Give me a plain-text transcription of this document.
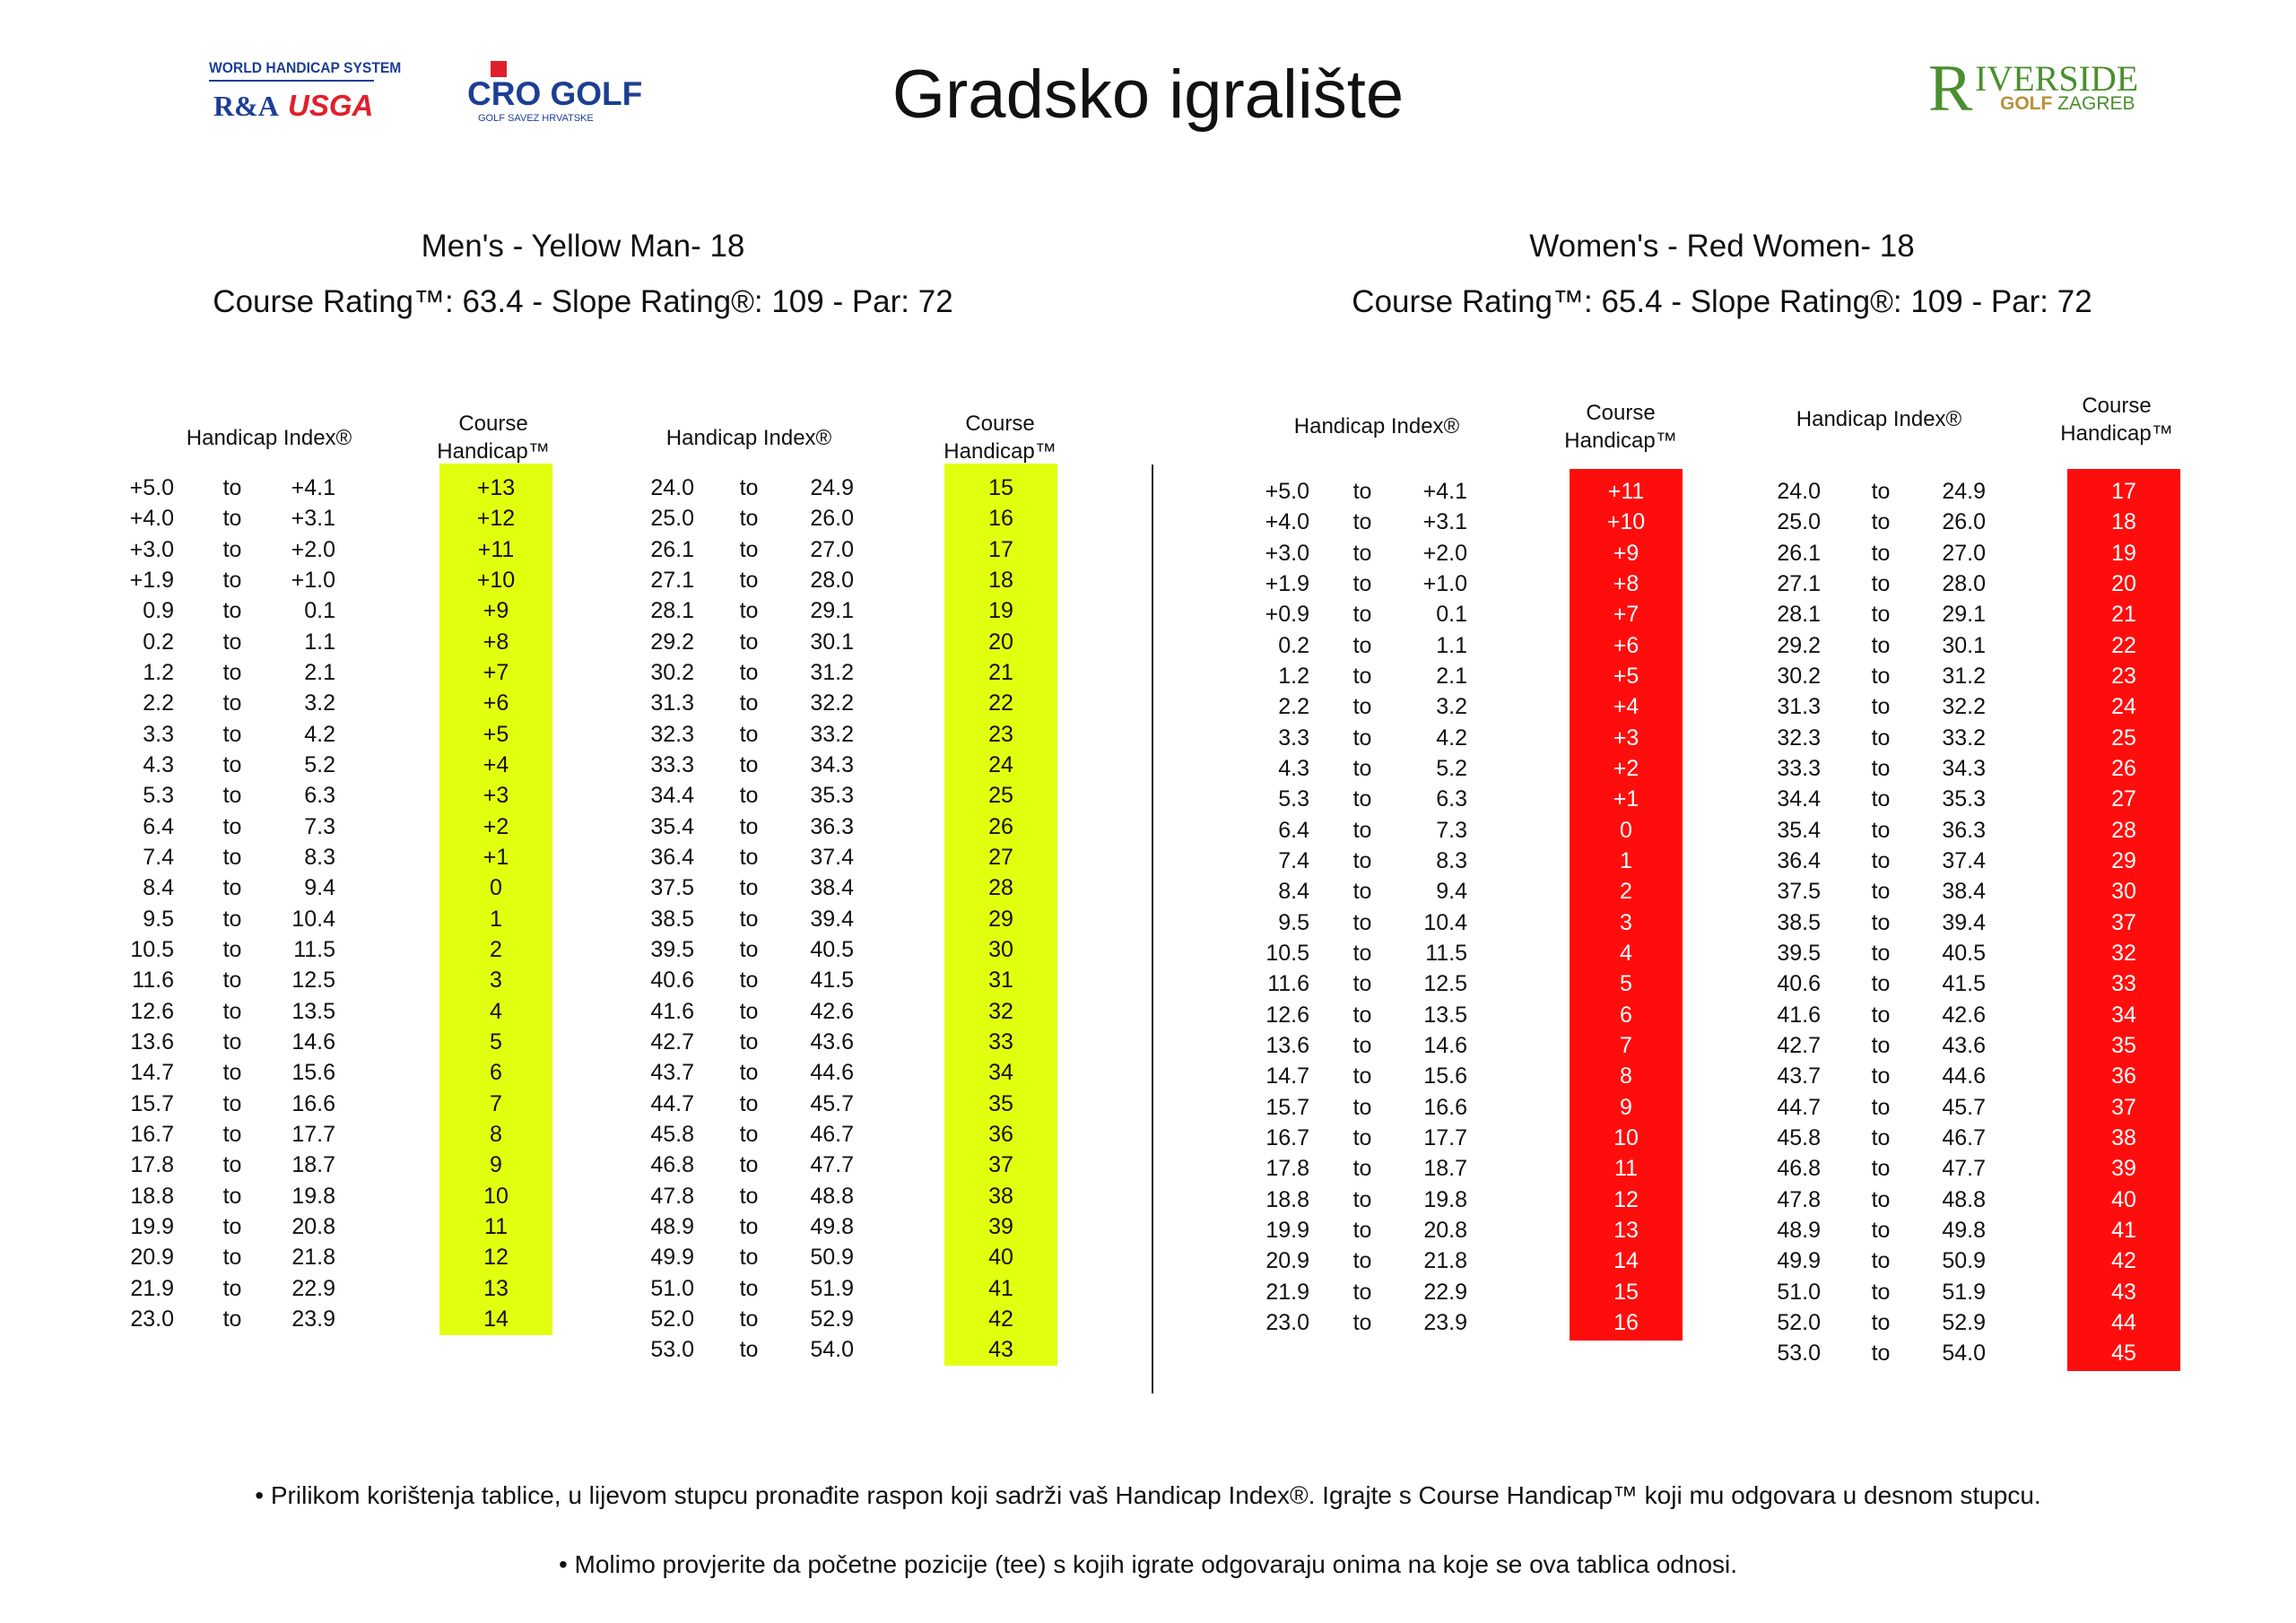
WORLD HANDICAP SYSTEM
R&A USGA	CRO GOLF
GOLF SAVEZ HRVATSKE	Gradsko igralište	R IVERSIDE
GOLF ZAGREB
Men's - Yellow Man- 18
Course Rating™: 63.4 - Slope Rating®: 109 - Par: 72
Women's - Red Women- 18
Course Rating™: 65.4 - Slope Rating®: 109 - Par: 72
Handicap Index®
Course
Handicap™
Handicap Index®
Course
Handicap™
Handicap Index®
Course
Handicap™
Handicap Index®
Course
Handicap™
+5.0	to	+4.1	+13	24.0	to	24.9	15
+4.0	to	+3.1	+12	25.0	to	26.0	16
+3.0	to	+2.0	+11	26.1	to	27.0	17
+1.9	to	+1.0	+10	27.1	to	28.0	18
0.9	to	0.1	+9	28.1	to	29.1	19
0.2	to	1.1	+8	29.2	to	30.1	20
1.2	to	2.1	+7	30.2	to	31.2	21
2.2	to	3.2	+6	31.3	to	32.2	22
3.3	to	4.2	+5	32.3	to	33.2	23
4.3	to	5.2	+4	33.3	to	34.3	24
5.3	to	6.3	+3	34.4	to	35.3	25
6.4	to	7.3	+2	35.4	to	36.3	26
7.4	to	8.3	+1	36.4	to	37.4	27
8.4	to	9.4	0	37.5	to	38.4	28
9.5	to	10.4	1	38.5	to	39.4	29
10.5	to	11.5	2	39.5	to	40.5	30
11.6	to	12.5	3	40.6	to	41.5	31
12.6	to	13.5	4	41.6	to	42.6	32
13.6	to	14.6	5	42.7	to	43.6	33
14.7	to	15.6	6	43.7	to	44.6	34
15.7	to	16.6	7	44.7	to	45.7	35
16.7	to	17.7	8	45.8	to	46.7	36
17.8	to	18.7	9	46.8	to	47.7	37
18.8	to	19.8	10	47.8	to	48.8	38
19.9	to	20.8	11	48.9	to	49.8	39
20.9	to	21.8	12	49.9	to	50.9	40
21.9	to	22.9	13	51.0	to	51.9	41
23.0	to	23.9	14	52.0	to	52.9	42
53.0	to	54.0	43
+5.0	to	+4.1	+11	24.0	to	24.9	17
+4.0	to	+3.1	+10	25.0	to	26.0	18
+3.0	to	+2.0	+9	26.1	to	27.0	19
+1.9	to	+1.0	+8	27.1	to	28.0	20
+0.9	to	0.1	+7	28.1	to	29.1	21
0.2	to	1.1	+6	29.2	to	30.1	22
1.2	to	2.1	+5	30.2	to	31.2	23
2.2	to	3.2	+4	31.3	to	32.2	24
3.3	to	4.2	+3	32.3	to	33.2	25
4.3	to	5.2	+2	33.3	to	34.3	26
5.3	to	6.3	+1	34.4	to	35.3	27
6.4	to	7.3	0	35.4	to	36.3	28
7.4	to	8.3	1	36.4	to	37.4	29
8.4	to	9.4	2	37.5	to	38.4	30
9.5	to	10.4	3	38.5	to	39.4	37
10.5	to	11.5	4	39.5	to	40.5	32
11.6	to	12.5	5	40.6	to	41.5	33
12.6	to	13.5	6	41.6	to	42.6	34
13.6	to	14.6	7	42.7	to	43.6	35
14.7	to	15.6	8	43.7	to	44.6	36
15.7	to	16.6	9	44.7	to	45.7	37
16.7	to	17.7	10	45.8	to	46.7	38
17.8	to	18.7	11	46.8	to	47.7	39
18.8	to	19.8	12	47.8	to	48.8	40
19.9	to	20.8	13	48.9	to	49.8	41
20.9	to	21.8	14	49.9	to	50.9	42
21.9	to	22.9	15	51.0	to	51.9	43
23.0	to	23.9	16	52.0	to	52.9	44
53.0	to	54.0	45
• Prilikom korištenja tablice, u lijevom stupcu pronađite raspon koji sadrži vaš Handicap Index®. Igrajte s Course Handicap™ koji mu odgovara u desnom stupcu.
• Molimo provjerite da početne pozicije (tee) s kojih igrate odgovaraju onima na koje se ova tablica odnosi.
